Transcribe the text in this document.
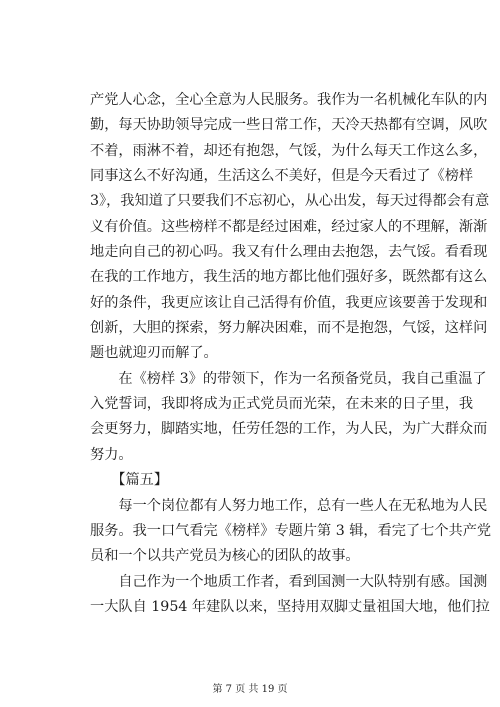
产党人心念，全心全意为人民服务。我作为一名机械化车队的内
勤，每天协助领导完成一些日常工作，天冷天热都有空调，风吹
不着，雨淋不着，却还有抱怨，气馁，为什么每天工作这么多，
同事这么不好沟通，生活这么不美好，但是今天看过了《榜样
3》，我知道了只要我们不忘初心，从心出发，每天过得都会有意
义有价值。这些榜样不都是经过困难，经过家人的不理解，渐渐
地走向自己的初心吗。我又有什么理由去抱怨，去气馁。看看现
在我的工作地方，我生活的地方都比他们强好多，既然都有这么
好的条件，我更应该让自己活得有价值，我更应该要善于发现和
创新，大胆的探索，努力解决困难，而不是抱怨，气馁，这样问
题也就迎刃而解了。
　　在《榜样 3》的带领下，作为一名预备党员，我自己重温了
入党誓词，我即将成为正式党员而光荣，在未来的日子里，我
会更努力，脚踏实地，任劳任怨的工作，为人民，为广大群众而
努力。
　　【篇五】
　　每一个岗位都有人努力地工作，总有一些人在无私地为人民
服务。我一口气看完《榜样》专题片第 3 辑，看完了七个共产党
员和一个以共产党员为核心的团队的故事。
　　自己作为一个地质工作者，看到国测一大队特别有感。国测
一大队自 1954 年建队以来，坚持用双脚丈量祖国大地，他们拉
第 7 页 共 19 页
